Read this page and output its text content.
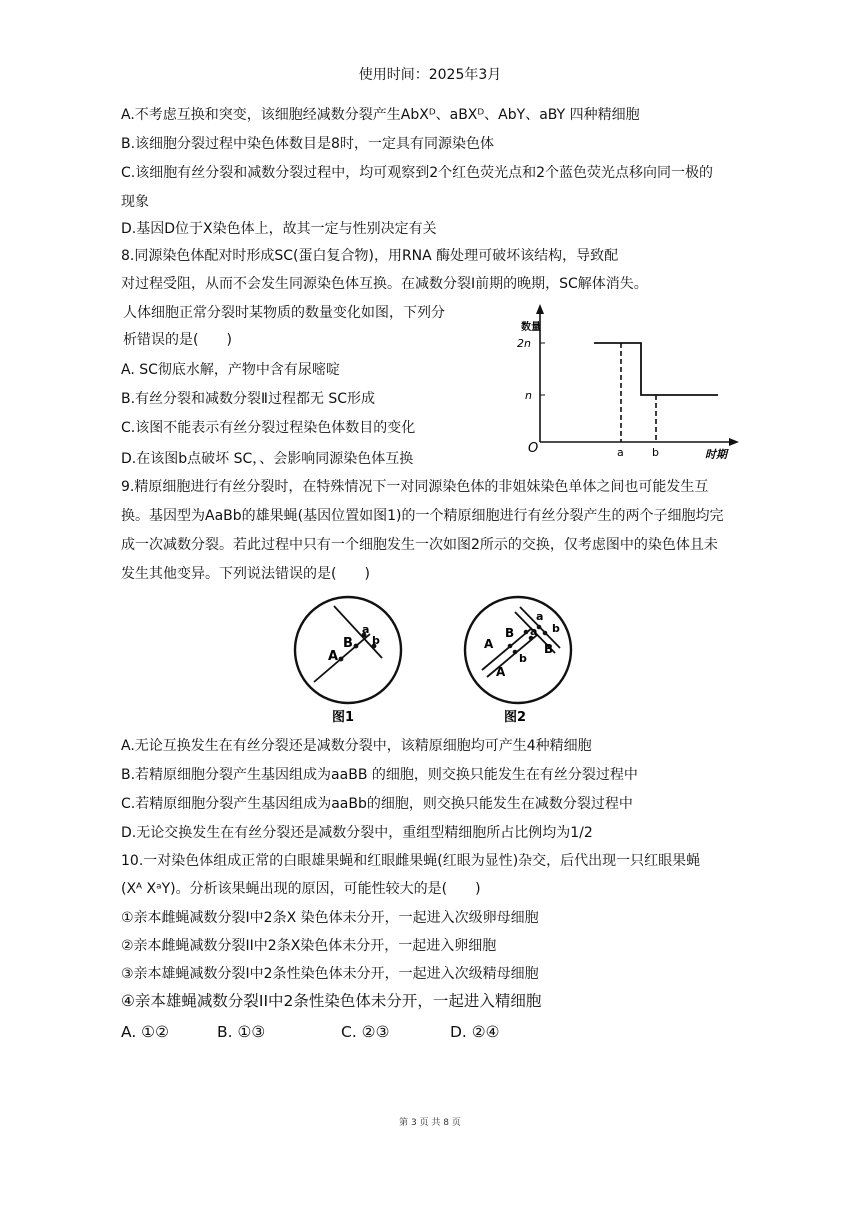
使用时间：2025年3月
A.不考虑互换和突变，该细胞经减数分裂产生AbXᴰ、aBXᴰ、AbY、aBY 四种精细胞
B.该细胞分裂过程中染色体数目是8时，一定具有同源染色体
C.该细胞有丝分裂和减数分裂过程中，均可观察到2个红色荧光点和2个蓝色荧光点移向同一极的
现象
D.基因D位于X染色体上，故其一定与性别决定有关
8.同源染色体配对时形成SC(蛋白复合物)，用RNA 酶处理可破坏该结构，导致配
对过程受阻，从而不会发生同源染色体互换。在减数分裂Ⅰ前期的晚期，SC解体消失。
人体细胞正常分裂时某物质的数量变化如图，下列分
析错误的是(　　)
A. SC彻底水解，产物中含有尿嘧啶
B.有丝分裂和减数分裂Ⅱ过程都无 SC形成
C.该图不能表示有丝分裂过程染色体数目的变化
D.在该图b点破坏 SC，、会影响同源染色体互换
数量
时期
O
2n
n
a	b
9.精原细胞进行有丝分裂时，在特殊情况下一对同源染色体的非姐妹染色单体之间也可能发生互
换。基因型为AaBb的雄果蝇(基因位置如图1)的一个精原细胞进行有丝分裂产生的两个子细胞均完
成一次减数分裂。若此过程中只有一个细胞发生一次如图2所示的交换，仅考虑图中的染色体且未
发生其他变异。下列说法错误的是(　　)
A
B
a
b
图1
A
B
A
b
a
B
a
b
图2
A.无论互换发生在有丝分裂还是减数分裂中，该精原细胞均可产生4种精细胞
B.若精原细胞分裂产生基因组成为aaBB 的细胞，则交换只能发生在有丝分裂过程中
C.若精原细胞分裂产生基因组成为aaBb的细胞，则交换只能发生在减数分裂过程中
D.无论交换发生在有丝分裂还是减数分裂中，重组型精细胞所占比例均为1/2
10.一对染色体组成正常的白眼雄果蝇和红眼雌果蝇(红眼为显性)杂交，后代出现一只红眼果蝇
(Xᴬ XᵃY)。分析该果蝇出现的原因，可能性较大的是(　　)
①亲本雌蝇减数分裂Ⅰ中2条X 染色体未分开，一起进入次级卵母细胞
②亲本雌蝇减数分裂II中2条X染色体未分开，一起进入卵细胞
③亲本雄蝇减数分裂Ⅰ中2条性染色体未分开，一起进入次级精母细胞
④亲本雄蝇减数分裂II中2条性染色体未分开，一起进入精细胞
A. ①②	B. ①③	C. ②③	D. ②④
第 3 页 共 8 页
